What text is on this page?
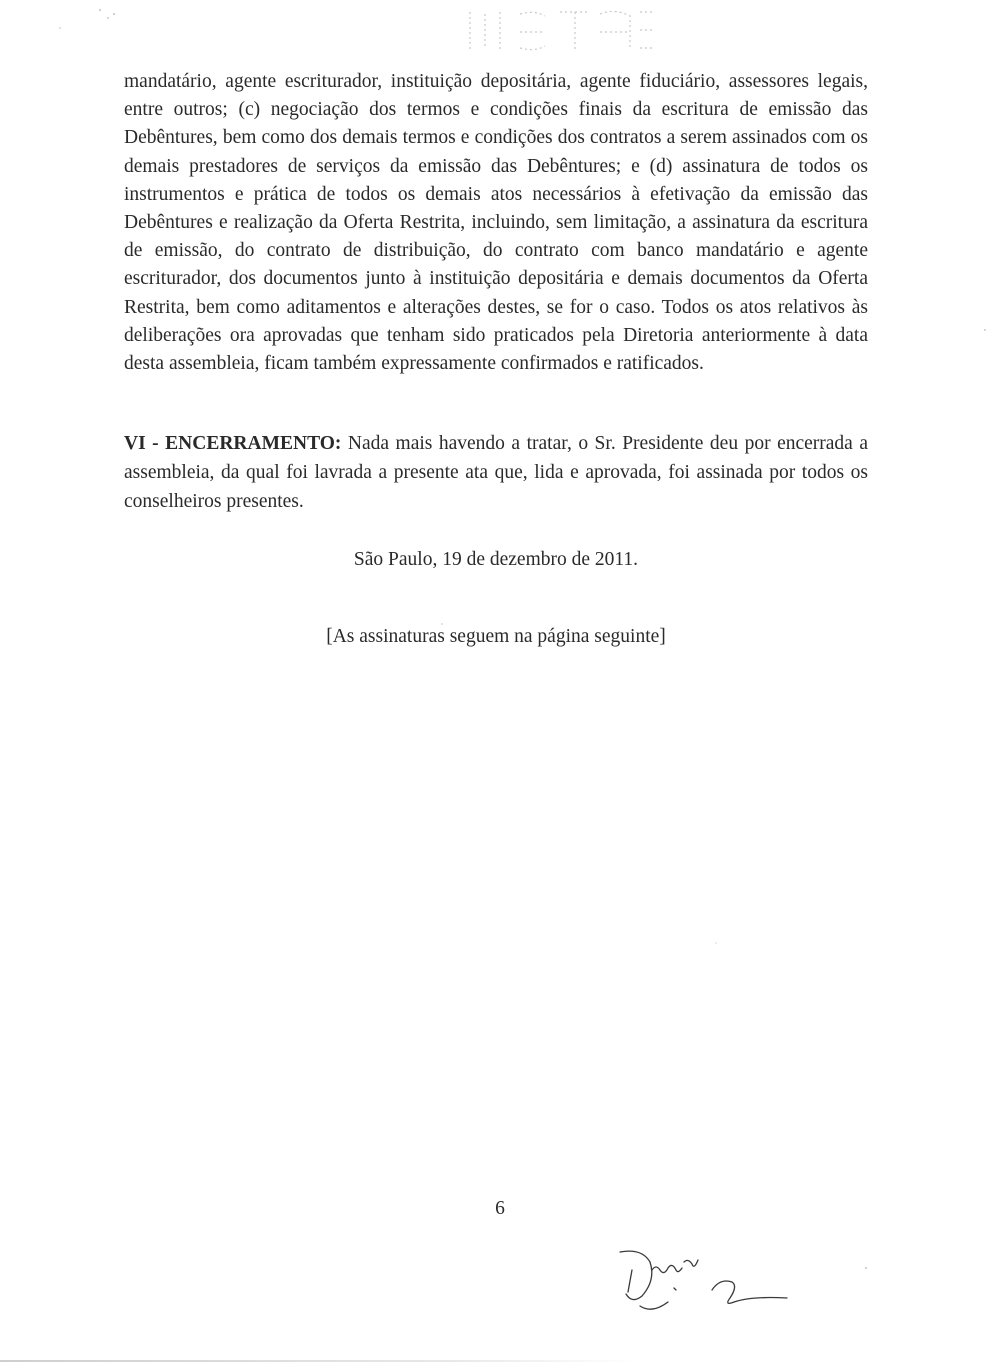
mandatário, agente escriturador, instituição depositária, agente fiduciário, assessores legais, entre outros; (c) negociação dos termos e condições finais da escritura de emissão das Debêntures, bem como dos demais termos e condições dos contratos a serem assinados com os demais prestadores de serviços da emissão das Debêntures; e (d) assinatura de todos os instrumentos e prática de todos os demais atos necessários à efetivação da emissão das Debêntures e realização da Oferta Restrita, incluindo, sem limitação, a assinatura da escritura de emissão, do contrato de distribuição, do contrato com banco mandatário e agente escriturador, dos documentos junto à instituição depositária e demais documentos da Oferta Restrita, bem como aditamentos e alterações destes, se for o caso. Todos os atos relativos às deliberações ora aprovadas que tenham sido praticados pela Diretoria anteriormente à data desta assembleia, ficam também expressamente confirmados e ratificados.

VI - ENCERRAMENTO: Nada mais havendo a tratar, o Sr. Presidente deu por encerrada a assembleia, da qual foi lavrada a presente ata que, lida e aprovada, foi assinada por todos os conselheiros presentes.

São Paulo, 19 de dezembro de 2011.

[As assinaturas seguem na página seguinte]

6
